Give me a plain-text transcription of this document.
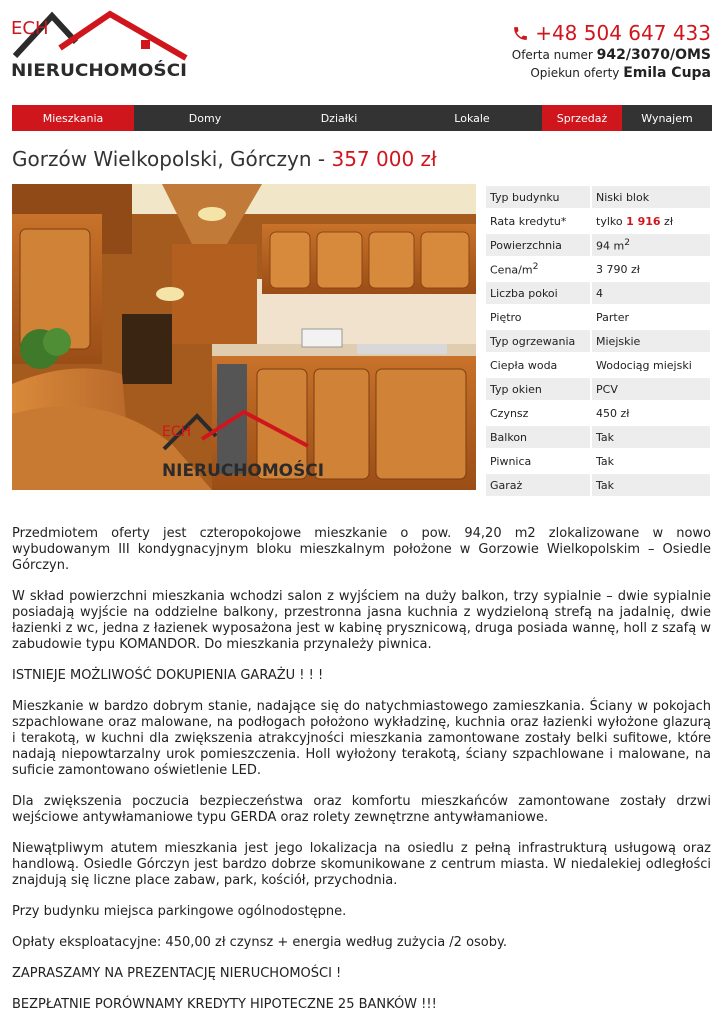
ECH
NIERUCHOMOŚCI
+48 504 647 433
Oferta numer 942/3070/OMS
Opiekun oferty Emila Cupa
Mieszkania	Domy	Działki	Lokale	Sprzedaż	Wynajem
Gorzów Wielkopolski, Górczyn - 357 000 zł
ECH
NIERUCHOMOŚCI
Typ budynku	Niski blok
Rata kredytu*	tylko 1 916 zł
Powierzchnia	94 $m^2$
Cena/$m^2$	3 790 zł
Liczba pokoi	4
Piętro	Parter
Typ ogrzewania	Miejskie
Ciepła woda	Wodociąg miejski
Typ okien	PCV
Czynsz	450 zł
Balkon	Tak
Piwnica	Tak
Garaż	Tak

Przedmiotem oferty jest czteropokojowe mieszkanie o pow. 94,20 m2 zlokalizowane w nowo wybudowanym III kondygnacyjnym bloku mieszkalnym położone w Gorzowie Wielkopolskim – Osiedle Górczyn.

W skład powierzchni mieszkania wchodzi salon z wyjściem na duży balkon, trzy sypialnie – dwie sypialnie posiadają wyjście na oddzielne balkony, przestronna jasna kuchnia z wydzieloną strefą na jadalnię, dwie łazienki z wc, jedna z łazienek wyposażona jest w kabinę prysznicową, druga posiada wannę, holl z szafą w zabudowie typu KOMANDOR. Do mieszkania przynależy piwnica.

ISTNIEJE MOŻLIWOŚĆ DOKUPIENIA GARAŻU ! ! !

Mieszkanie w bardzo dobrym stanie, nadające się do natychmiastowego zamieszkania. Ściany w pokojach szpachlowane oraz malowane, na podłogach położono wykładzinę, kuchnia oraz łazienki wyłożone glazurą i terakotą, w kuchni dla zwiększenia atrakcyjności mieszkania zamontowane zostały belki sufitowe, które nadają niepowtarzalny urok pomieszczenia. Holl wyłożony terakotą, ściany szpachlowane i malowane, na suficie zamontowano oświetlenie LED.

Dla zwiększenia poczucia bezpieczeństwa oraz komfortu mieszkańców zamontowane zostały drzwi wejściowe antywłamaniowe typu GERDA oraz rolety zewnętrzne antywłamaniowe.

Niewątpliwym atutem mieszkania jest jego lokalizacja na osiedlu z pełną infrastrukturą usługową oraz handlową. Osiedle Górczyn jest bardzo dobrze skomunikowane z centrum miasta. W niedalekiej odległości znajdują się liczne place zabaw, park, kościół, przychodnia.

Przy budynku miejsca parkingowe ogólnodostępne.

Opłaty eksploatacyjne: 450,00 zł czynsz + energia według zużycia /2 osoby.

ZAPRASZAMY NA PREZENTACJĘ NIERUCHOMOŚCI !

BEZPŁATNIE PORÓWNAMY KREDYTY HIPOTECZNE 25 BANKÓW !!!
